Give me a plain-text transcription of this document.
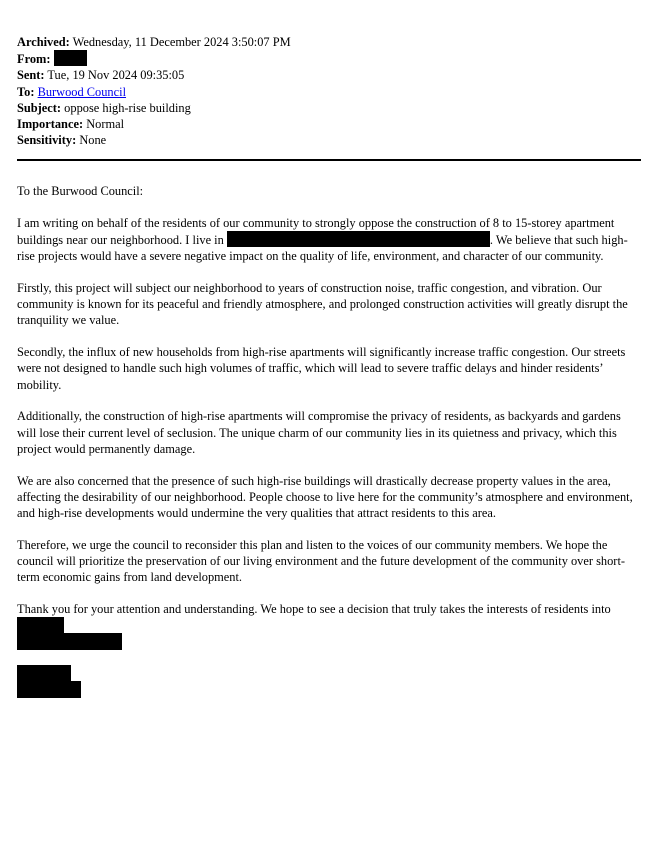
Archived: Wednesday, 11 December 2024 3:50:07 PM
From:
Sent: Tue, 19 Nov 2024 09:35:05
To: Burwood Council
Subject: oppose high-rise building
Importance: Normal
Sensitivity: None

To the Burwood Council:

I am writing on behalf of the residents of our community to strongly oppose the construction of 8 to 15-storey apartment buildings near our neighborhood. I live in	. We believe that such high-rise projects would have a severe negative impact on the quality of life, environment, and character of our community.

Firstly, this project will subject our neighborhood to years of construction noise, traffic congestion, and vibration. Our community is known for its peaceful and friendly atmosphere, and prolonged construction activities will greatly disrupt the tranquility we value.

Secondly, the influx of new households from high-rise apartments will significantly increase traffic congestion. Our streets were not designed to handle such high volumes of traffic, which will lead to severe traffic delays and hinder residents’ mobility.

Additionally, the construction of high-rise apartments will compromise the privacy of residents, as backyards and gardens will lose their current level of seclusion. The unique charm of our community lies in its quietness and privacy, which this project would permanently damage.

We are also concerned that the presence of such high-rise buildings will drastically decrease property values in the area, affecting the desirability of our neighborhood. People choose to live here for the community’s atmosphere and environment, and high-rise developments would undermine the very qualities that attract residents to this area.

Therefore, we urge the council to reconsider this plan and listen to the voices of our community members. We hope the council will prioritize the preservation of our living environment and the future development of the community over short-term economic gains from land development.

Thank you for your attention and understanding. We hope to see a decision that truly takes the interests of residents into
